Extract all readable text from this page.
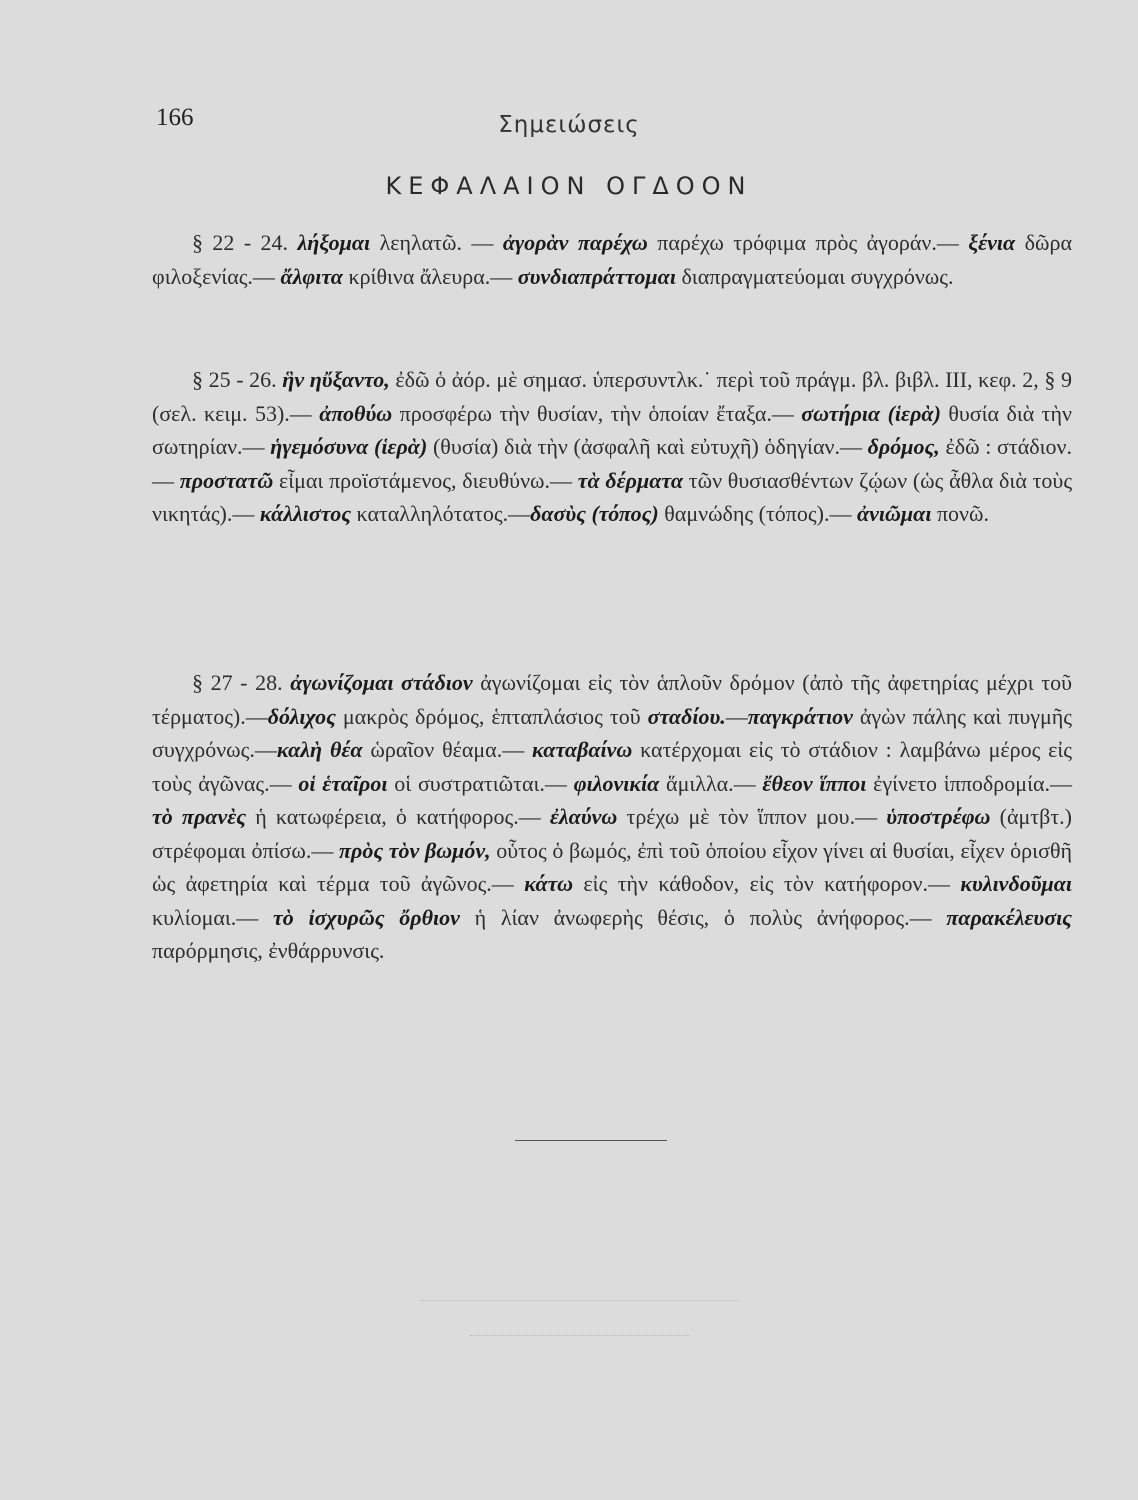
166	Σημειώσεις
ΚΕΦΑΛΑΙΟΝ ΟΓΔΟΟΝ

§ 22 - 24. λήξομαι λεηλατῶ. — ἀγορὰν παρέχω παρέχω τρόφιμα πρὸς ἀγοράν.— ξένια δῶρα φιλοξενίας.— ἄλφιτα κρίθινα ἄλευρα.— συνδιαπράττομαι διαπραγματεύομαι συγχρόνως.

§ 25 - 26. ἣν ηὔξαντο, ἐδῶ ὁ ἀόρ. μὲ σημασ. ὑπερσυντλκ.˙ περὶ τοῦ πράγμ. βλ. βιβλ. ΙΙΙ, κεφ. 2, § 9 (σελ. κειμ. 53).— ἀποθύω προσφέρω τὴν θυσίαν, τὴν ὁποίαν ἔταξα.— σωτήρια (ἱερὰ) θυσία διὰ τὴν σωτηρίαν.— ἡγεμόσυνα (ἱερὰ) (θυσία) διὰ τὴν (ἀσφαλῆ καὶ εὐτυχῆ) ὁδηγίαν.— δρόμος, ἐδῶ : στάδιον. — προστατῶ εἶμαι προϊστάμενος, διευθύνω.— τὰ δέρματα τῶν θυσιασθέντων ζῴων (ὡς ἆθλα διὰ τοὺς νικητάς).— κάλλιστος καταλληλότατος.—δασὺς (τόπος) θαμνώδης (τόπος).— ἀνιῶμαι πονῶ.

§ 27 - 28. ἀγωνίζομαι στάδιον ἀγωνίζομαι εἰς τὸν ἁπλοῦν δρόμον (ἀπὸ τῆς ἀφετηρίας μέχρι τοῦ τέρματος).—δόλιχος μακρὸς δρόμος, ἑπταπλάσιος τοῦ σταδίου.—παγκράτιον ἀγὼν πάλης καὶ πυγμῆς συγχρόνως.—καλὴ θέα ὡραῖον θέαμα.— καταβαίνω κατέρχομαι εἰς τὸ στάδιον : λαμβάνω μέρος εἰς τοὺς ἀγῶνας.— οἱ ἑταῖροι οἱ συστρατιῶται.— φιλονικία ἅμιλλα.— ἔθεον ἵπποι ἐγίνετο ἱπποδρομία.— τὸ πρανὲς ἡ κατωφέρεια, ὁ κατήφορος.— ἐλαύνω τρέχω μὲ τὸν ἵππον μου.— ὑποστρέφω (ἀμτβτ.) στρέφομαι ὀπίσω.— πρὸς τὸν βωμόν, οὗτος ὁ βωμός, ἐπὶ τοῦ ὁποίου εἶχον γίνει αἱ θυσίαι, εἶχεν ὁρισθῆ ὡς ἀφετηρία καὶ τέρμα τοῦ ἀγῶνος.— κάτω εἰς τὴν κάθοδον, εἰς τὸν κατήφορον.— κυλινδοῦμαι κυλίομαι.— τὸ ἰσχυρῶς ὄρθιον ἡ λίαν ἀνωφερὴς θέσις, ὁ πολὺς ἀνήφορος.— παρακέλευσις παρόρμησις, ἐνθάρρυνσις.
